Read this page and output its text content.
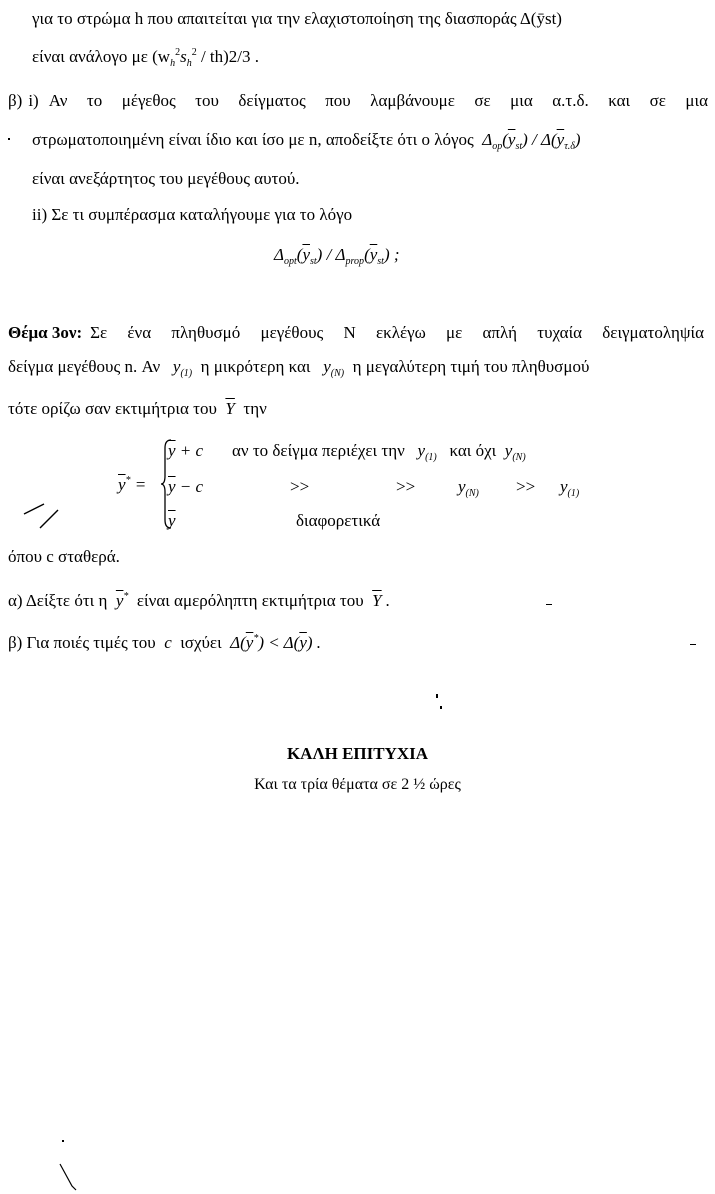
για το στρώμα h που απαιτείται για την ελαχιστοποίηση της διασποράς Δ(ȳst)
είναι ανάλογο με $(w_h^2s_h^2 / th)2/3$ .
β) i) Αν το μέγεθος του δείγματος που λαμβάνουμε σε μια α.τ.δ. και σε μια
στρωματοποιημένη είναι ίδιο και ίσο με n, αποδείξτε ότι ο λόγος  $\Delta_{op}(\overline{y}_{st}) / \Delta(\overline{y}_{\tau.\delta})$
είναι ανεξάρτητος του μεγέθους αυτού.
ii) Σε τι συμπέρασμα καταλήγουμε για το λόγο
$\Delta_{opt}(\overline{y}_{st}) / \Delta_{prop}(\overline{y}_{st})$ ;
Θέμα 3ον: Σε ένα πληθυσμό μεγέθους N εκλέγω με απλή τυχαία δειγματοληψία
δείγμα μεγέθους n. Αν   $y_{(1)}$ η μικρότερη και   $y_{(N)}$ η μεγαλύτερη τιμή του πληθυσμού
τότε ορίζω σαν εκτιμήτρια του $\overline{Y}$ την
$\overline{y}^*$ =
$\overline{y} + c$ αν το δείγμα περιέχει την   $y_{(1)}$ και όχι  $y_{(N)}$
$\overline{y} - c$	>>	>>	$y_{(N)} >> y_{(1)}$
$\overline{y}$	διαφορετικά
όπου c σταθερά.
α) Δείξτε ότι η $\overline{y}^*$ είναι αμερόληπτη εκτιμήτρια του $\overline{Y}$ .
β) Για ποιές τιμές του  c  ισχύει  $\Delta(\overline{y}^*) < \Delta(\overline{y})$ .
ΚΑΛΗ ΕΠΙΤΥΧΙΑ
Και τα τρία θέματα σε 2 ½ ώρες
